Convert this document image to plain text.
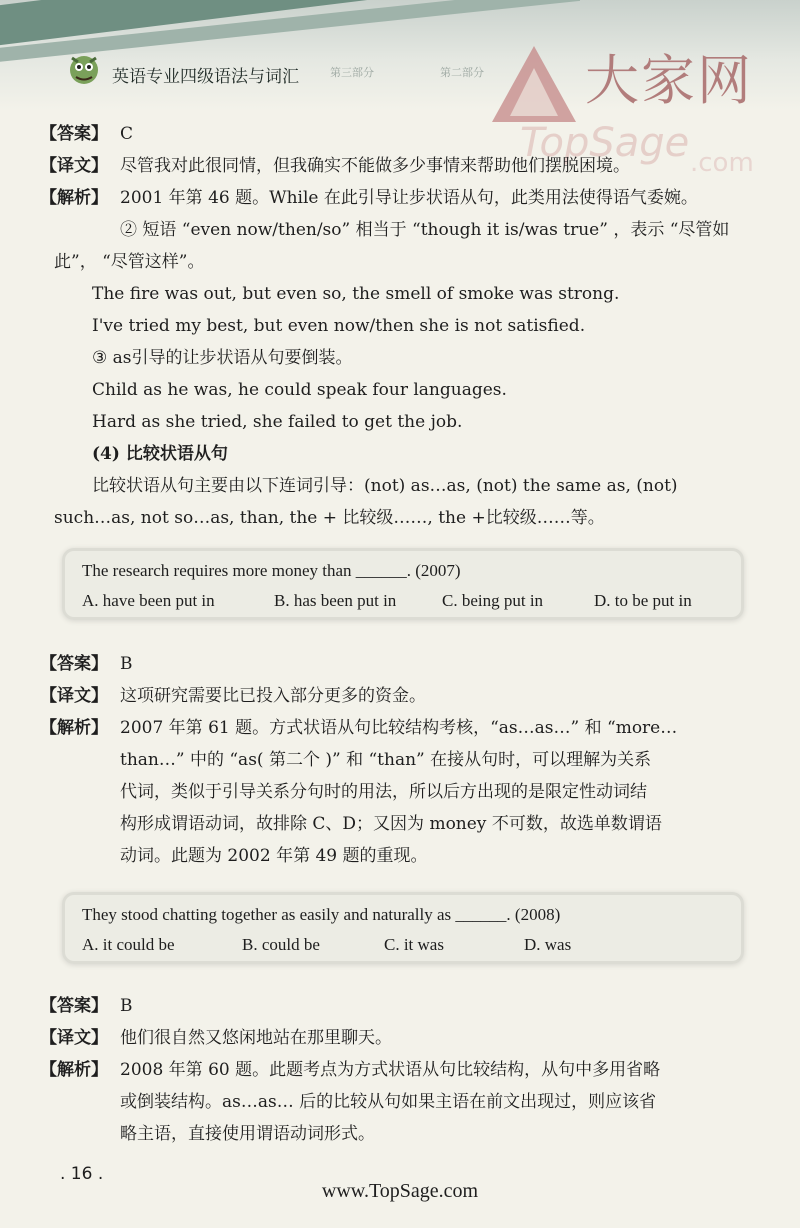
英语专业四级语法与词汇	第三部分	第二部分 大家网
TopSage .com

【答案】 C
【译文】 尽管我对此很同情，但我确实不能做多少事情来帮助他们摆脱困境。
【解析】 2001 年第 46 题。While 在此引导让步状语从句，此类用法使得语气委婉。
② 短语 “even now/then/so” 相当于 “though it is/was true” ，表示 “尽管如
此”， “尽管这样”。
The fire was out, but even so, the smell of smoke was strong.
I've tried my best, but even now/then she is not satisfied.
③ as引导的让步状语从句要倒装。
Child as he was, he could speak four languages.
Hard as she tried, she failed to get the job.
(4) 比较状语从句
比较状语从句主要由以下连词引导：(not) as…as, (not) the same as, (not)
such…as, not so…as, than, the + 比较级……, the +比较级……等。
The research requires more money than ______. (2007)
A. have been put in	B. has been put in	C. being put in	D. to be put in
【答案】 B
【译文】 这项研究需要比已投入部分更多的资金。
【解析】 2007 年第 61 题。方式状语从句比较结构考核，“as…as…” 和 “more…
than…” 中的 “as( 第二个 )” 和 “than” 在接从句时，可以理解为关系
代词，类似于引导关系分句时的用法，所以后方出现的是限定性动词结
构形成谓语动词，故排除 C、D；又因为 money 不可数，故选单数谓语
动词。此题为 2002 年第 49 题的重现。
They stood chatting together as easily and naturally as ______. (2008)
A. it could be	B. could be	C. it was	D. was
【答案】 B
【译文】 他们很自然又悠闲地站在那里聊天。
【解析】 2008 年第 60 题。此题考点为方式状语从句比较结构，从句中多用省略
或倒装结构。as…as… 后的比较从句如果主语在前文出现过，则应该省
略主语，直接使用谓语动词形式。
. 16 .
www.TopSage.com
